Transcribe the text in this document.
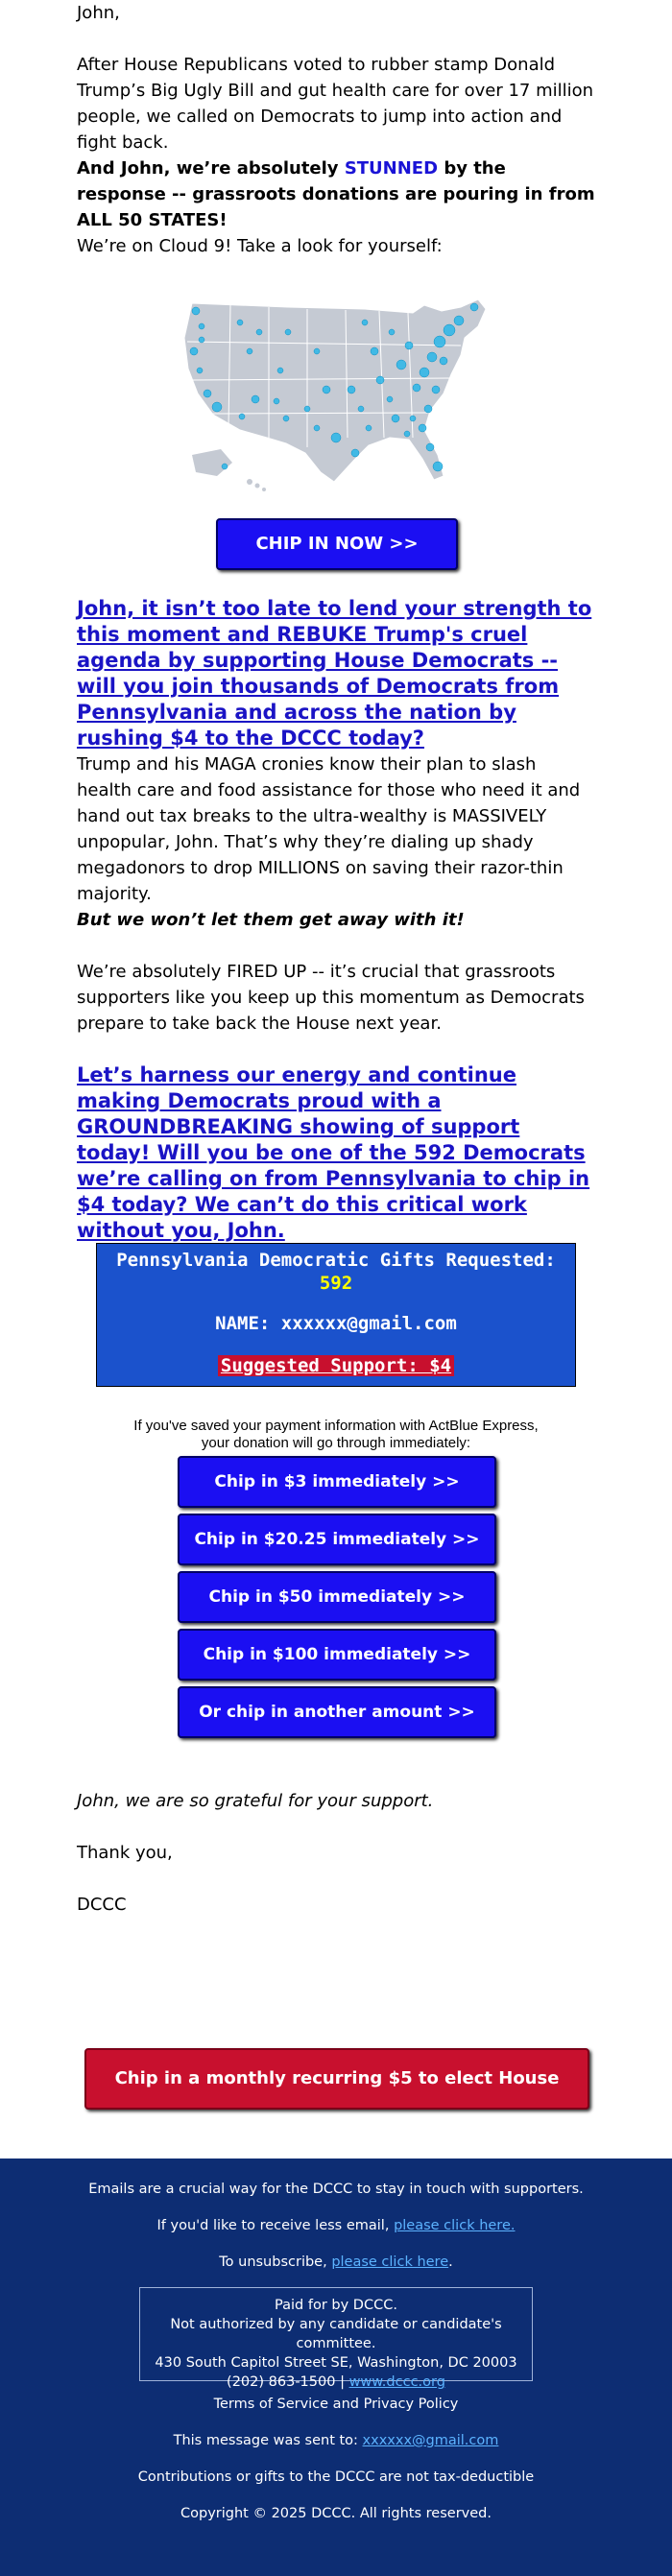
John,

After House Republicans voted to rubber stamp Donald Trump’s Big Ugly Bill and gut health care for over 17 million people, we called on Democrats to jump into action and fight back.

And John, we’re absolutely STUNNED by the response -- grassroots donations are pouring in from ALL 50 STATES!

We’re on Cloud 9! Take a look for yourself:

CHIP IN NOW >>

John, it isn’t too late to lend your strength to this moment and REBUKE Trump's cruel agenda by supporting House Democrats -- will you join thousands of Democrats from Pennsylvania and across the nation by rushing $4 to the DCCC today?

Trump and his MAGA cronies know their plan to slash health care and food assistance for those who need it and hand out tax breaks to the ultra-wealthy is MASSIVELY unpopular, John. That’s why they’re dialing up shady megadonors to drop MILLIONS on saving their razor-thin majority.

But we won’t let them get away with it!

We’re absolutely FIRED UP -- it’s crucial that grassroots supporters like you keep up this momentum as Democrats prepare to take back the House next year.

Let’s harness our energy and continue making Democrats proud with a GROUNDBREAKING showing of support today! Will you be one of the 592 Democrats we’re calling on from Pennsylvania to chip in $4 today? We can’t do this critical work without you, John.

Pennsylvania Democratic Gifts Requested:
592
NAME: xxxxxx@gmail.com
Suggested Support: $4
If you've saved your payment information with ActBlue Express,
your donation will go through immediately:
Chip in $3 immediately >>
Chip in $20.25 immediately >>
Chip in $50 immediately >>
Chip in $100 immediately >>
Or chip in another amount >>

John, we are so grateful for your support.

Thank you,

DCCC

Chip in a monthly recurring $5 to elect House Dems >>
Emails are a crucial way for the DCCC to stay in touch with supporters.
If you'd like to receive less email, please click here.
To unsubscribe, please click here.
Paid for by DCCC.
Not authorized by any candidate or candidate's committee.
430 South Capitol Street SE, Washington, DC 20003
(202) 863-1500 | www.dccc.org
Terms of Service and Privacy Policy
This message was sent to: xxxxxx@gmail.com
Contributions or gifts to the DCCC are not tax-deductible
Copyright © 2025 DCCC. All rights reserved.
